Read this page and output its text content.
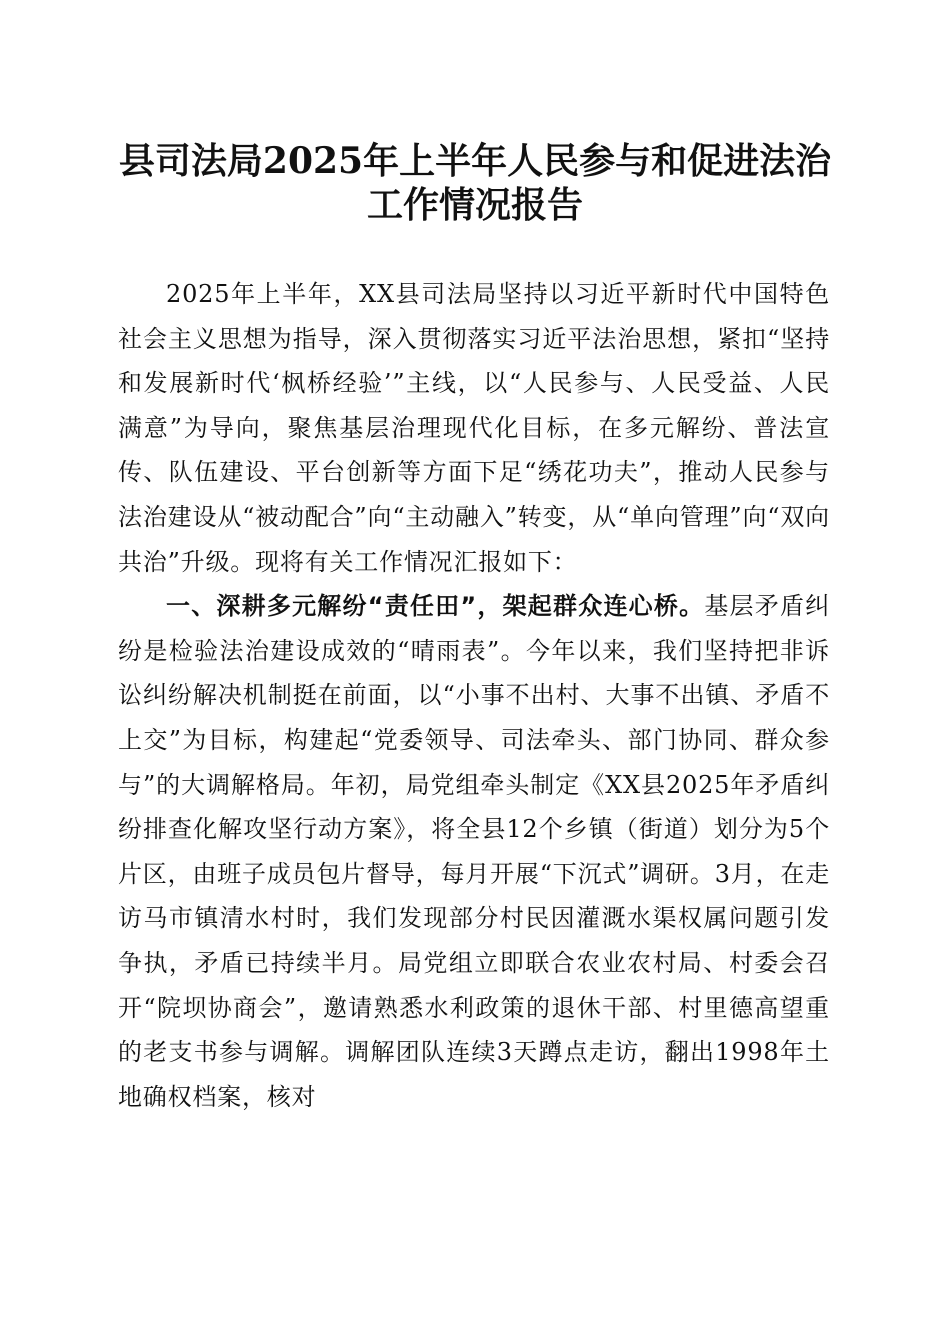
县司法局2025年上半年人民参与和促进法治
工作情况报告

2025年上半年，XX县司法局坚持以习近平新时代中国特色社会主义思想为指导，深入贯彻落实习近平法治思想，紧扣“坚持和发展新时代‘枫桥经验’”主线，以“人民参与、人民受益、人民满意”为导向，聚焦基层治理现代化目标，在多元解纷、普法宣传、队伍建设、平台创新等方面下足“绣花功夫”，推动人民参与法治建设从“被动配合”向“主动融入”转变，从“单向管理”向“双向共治”升级。现将有关工作情况汇报如下：

一、深耕多元解纷“责任田”，架起群众连心桥。基层矛盾纠纷是检验法治建设成效的“晴雨表”。今年以来，我们坚持把非诉讼纠纷解决机制挺在前面，以“小事不出村、大事不出镇、矛盾不上交”为目标，构建起“党委领导、司法牵头、部门协同、群众参与”的大调解格局。年初，局党组牵头制定《XX县2025年矛盾纠纷排查化解攻坚行动方案》，将全县12个乡镇（街道）划分为5个片区，由班子成员包片督导，每月开展“下沉式”调研。3月，在走访马市镇清水村时，我们发现部分村民因灌溉水渠权属问题引发争执，矛盾已持续半月。局党组立即联合农业农村局、村委会召开“院坝协商会”，邀请熟悉水利政策的退休干部、村里德高望重的老支书参与调解。调解团队连续3天蹲点走访，翻出1998年土地确权档案，核对
